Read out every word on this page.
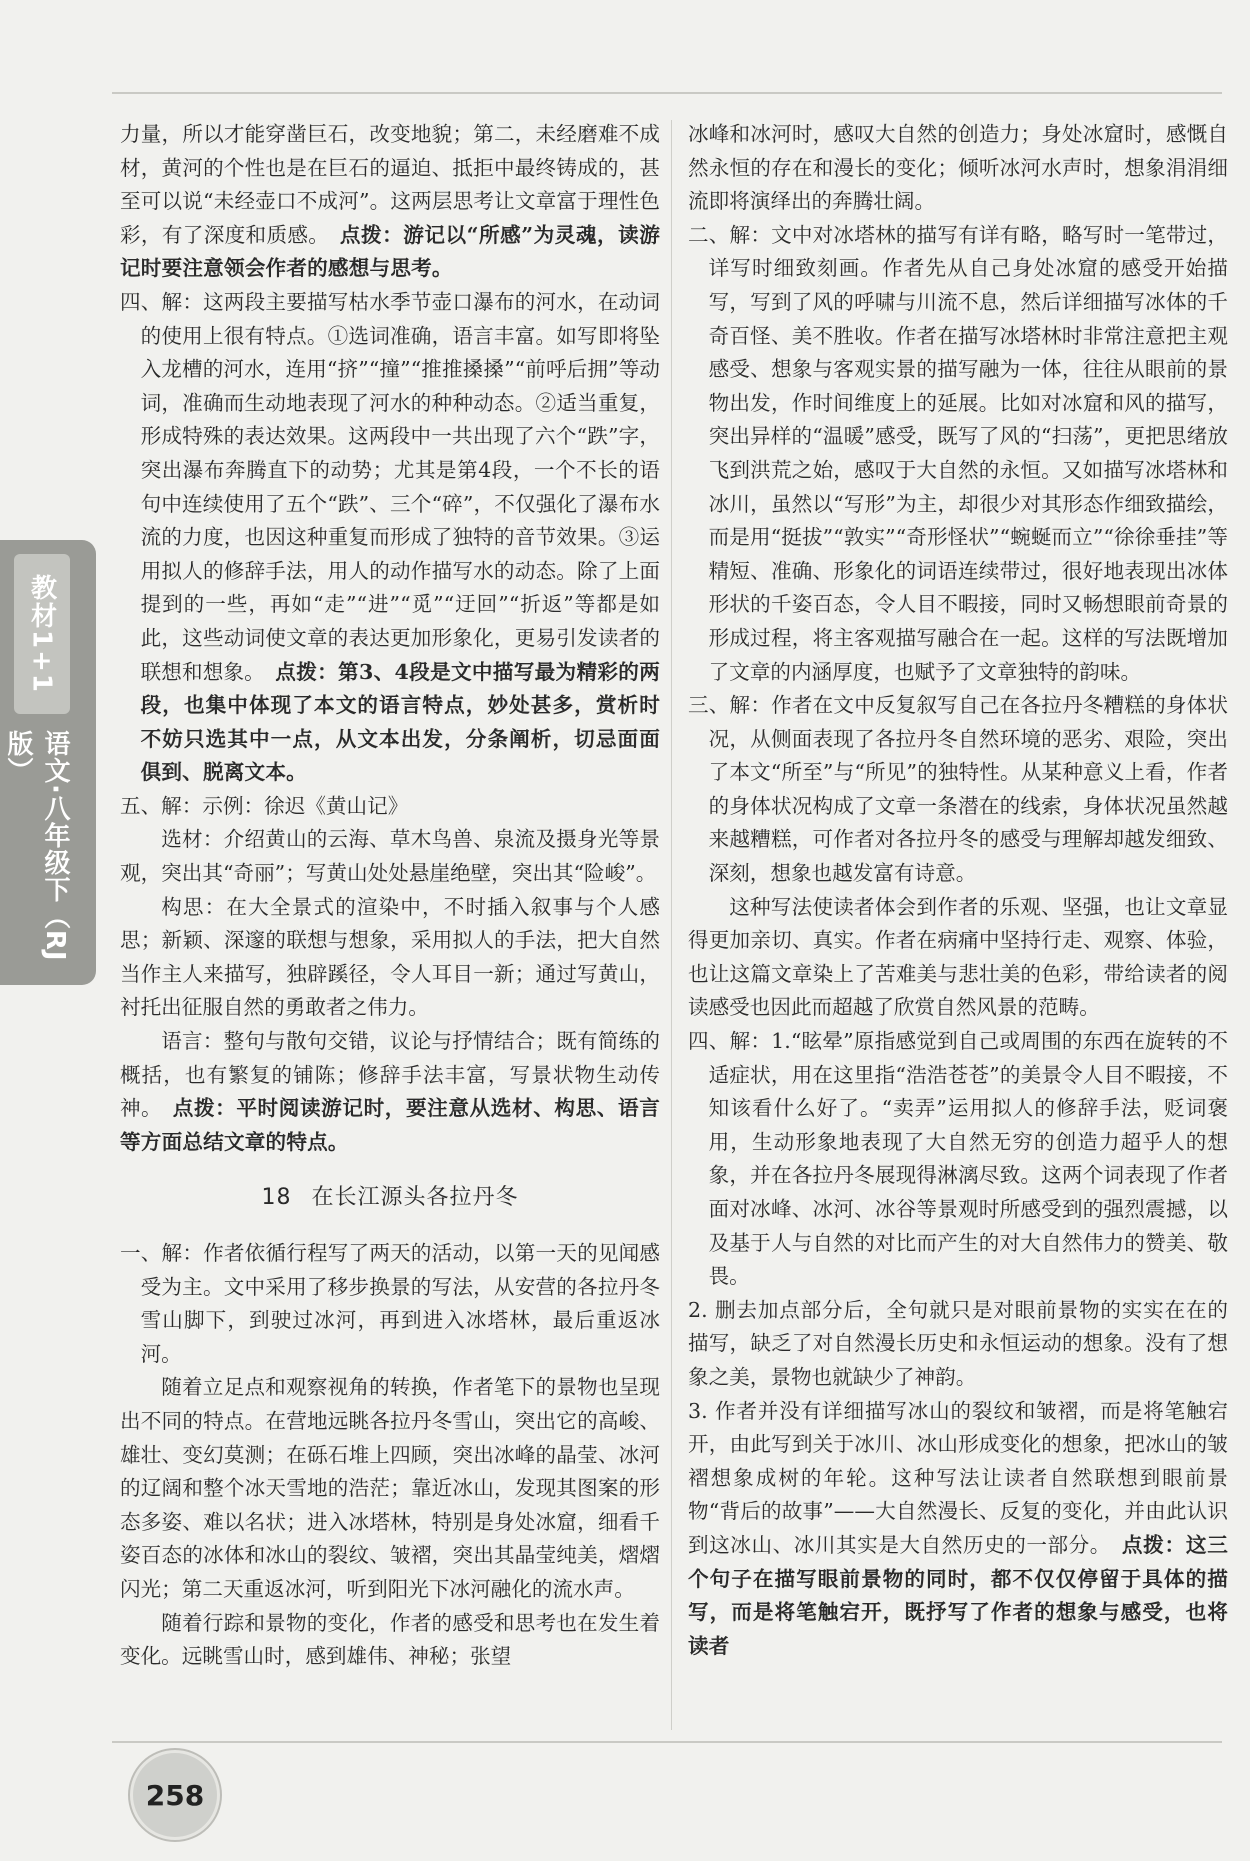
教材1+1
语文·八年级下（RJ版）

力量，所以才能穿凿巨石，改变地貌；第二，未经磨难不成材，黄河的个性也是在巨石的逼迫、抵拒中最终铸成的，甚至可以说“未经壶口不成河”。这两层思考让文章富于理性色彩，有了深度和质感。　 点拨：游记以“所感”为灵魂，读游记时要注意领会作者的感想与思考。

四、解：这两段主要描写枯水季节壶口瀑布的河水，在动词的使用上很有特点。①选词准确，语言丰富。如写即将坠入龙槽的河水，连用“挤”“撞”“推推搡搡”“前呼后拥”等动词，准确而生动地表现了河水的种种动态。②适当重复，形成特殊的表达效果。这两段中一共出现了六个“跌”字，突出瀑布奔腾直下的动势；尤其是第4段，一个不长的语句中连续使用了五个“跌”、三个“碎”，不仅强化了瀑布水流的力度，也因这种重复而形成了独特的音节效果。③运用拟人的修辞手法，用人的动作描写水的动态。除了上面提到的一些，再如“走”“进”“觅”“迂回”“折返”等都是如此，这些动词使文章的表达更加形象化，更易引发读者的联想和想象。　 点拨：第3、4段是文中描写最为精彩的两段，也集中体现了本文的语言特点，妙处甚多，赏析时不妨只选其中一点，从文本出发，分条阐析，切忌面面俱到、脱离文本。

五、解：示例：徐迟《黄山记》

选材：介绍黄山的云海、草木鸟兽、泉流及摄身光等景观，突出其“奇丽”；写黄山处处悬崖绝壁，突出其“险峻”。

构思：在大全景式的渲染中，不时插入叙事与个人感思；新颖、深邃的联想与想象，采用拟人的手法，把大自然当作主人来描写，独辟蹊径，令人耳目一新；通过写黄山，衬托出征服自然的勇敢者之伟力。

语言：整句与散句交错，议论与抒情结合；既有简练的概括，也有繁复的铺陈；修辞手法丰富，写景状物生动传神。　 点拨：平时阅读游记时，要注意从选材、构思、语言等方面总结文章的特点。

18 在长江源头各拉丹冬

一、解：作者依循行程写了两天的活动，以第一天的见闻感受为主。文中采用了移步换景的写法，从安营的各拉丹冬雪山脚下，到驶过冰河，再到进入冰塔林，最后重返冰河。

随着立足点和观察视角的转换，作者笔下的景物也呈现出不同的特点。在营地远眺各拉丹冬雪山，突出它的高峻、雄壮、变幻莫测；在砾石堆上四顾，突出冰峰的晶莹、冰河的辽阔和整个冰天雪地的浩茫；靠近冰山，发现其图案的形态多姿、难以名状；进入冰塔林，特别是身处冰窟，细看千姿百态的冰体和冰山的裂纹、皱褶，突出其晶莹纯美，熠熠闪光；第二天重返冰河，听到阳光下冰河融化的流水声。

随着行踪和景物的变化，作者的感受和思考也在发生着变化。远眺雪山时，感到雄伟、神秘；张望

冰峰和冰河时，感叹大自然的创造力；身处冰窟时，感慨自然永恒的存在和漫长的变化；倾听冰河水声时，想象涓涓细流即将演绎出的奔腾壮阔。

二、解：文中对冰塔林的描写有详有略，略写时一笔带过，详写时细致刻画。作者先从自己身处冰窟的感受开始描写，写到了风的呼啸与川流不息，然后详细描写冰体的千奇百怪、美不胜收。作者在描写冰塔林时非常注意把主观感受、想象与客观实景的描写融为一体，往往从眼前的景物出发，作时间维度上的延展。比如对冰窟和风的描写，突出异样的“温暖”感受，既写了风的“扫荡”，更把思绪放飞到洪荒之始，感叹于大自然的永恒。又如描写冰塔林和冰川，虽然以“写形”为主，却很少对其形态作细致描绘，而是用“挺拔”“敦实”“奇形怪状”“蜿蜒而立”“徐徐垂挂”等精短、准确、形象化的词语连续带过，很好地表现出冰体形状的千姿百态，令人目不暇接，同时又畅想眼前奇景的形成过程，将主客观描写融合在一起。这样的写法既增加了文章的内涵厚度，也赋予了文章独特的韵味。

三、解：作者在文中反复叙写自己在各拉丹冬糟糕的身体状况，从侧面表现了各拉丹冬自然环境的恶劣、艰险，突出了本文“所至”与“所见”的独特性。从某种意义上看，作者的身体状况构成了文章一条潜在的线索，身体状况虽然越来越糟糕，可作者对各拉丹冬的感受与理解却越发细致、深刻，想象也越发富有诗意。

这种写法使读者体会到作者的乐观、坚强，也让文章显得更加亲切、真实。作者在病痛中坚持行走、观察、体验，也让这篇文章染上了苦难美与悲壮美的色彩，带给读者的阅读感受也因此而超越了欣赏自然风景的范畴。

四、解：1.“眩晕”原指感觉到自己或周围的东西在旋转的不适症状，用在这里指“浩浩苍苍”的美景令人目不暇接，不知该看什么好了。“卖弄”运用拟人的修辞手法，贬词褒用，生动形象地表现了大自然无穷的创造力超乎人的想象，并在各拉丹冬展现得淋漓尽致。这两个词表现了作者面对冰峰、冰河、冰谷等景观时所感受到的强烈震撼，以及基于人与自然的对比而产生的对大自然伟力的赞美、敬畏。

2. 删去加点部分后，全句就只是对眼前景物的实实在在的描写，缺乏了对自然漫长历史和永恒运动的想象。没有了想象之美，景物也就缺少了神韵。

3. 作者并没有详细描写冰山的裂纹和皱褶，而是将笔触宕开，由此写到关于冰川、冰山形成变化的想象，把冰山的皱褶想象成树的年轮。这种写法让读者自然联想到眼前景物“背后的故事”——大自然漫长、反复的变化，并由此认识到这冰山、冰川其实是大自然历史的一部分。　 点拨：这三个句子在描写眼前景物的同时，都不仅仅停留于具体的描写，而是将笔触宕开，既抒写了作者的想象与感受，也将读者

258
